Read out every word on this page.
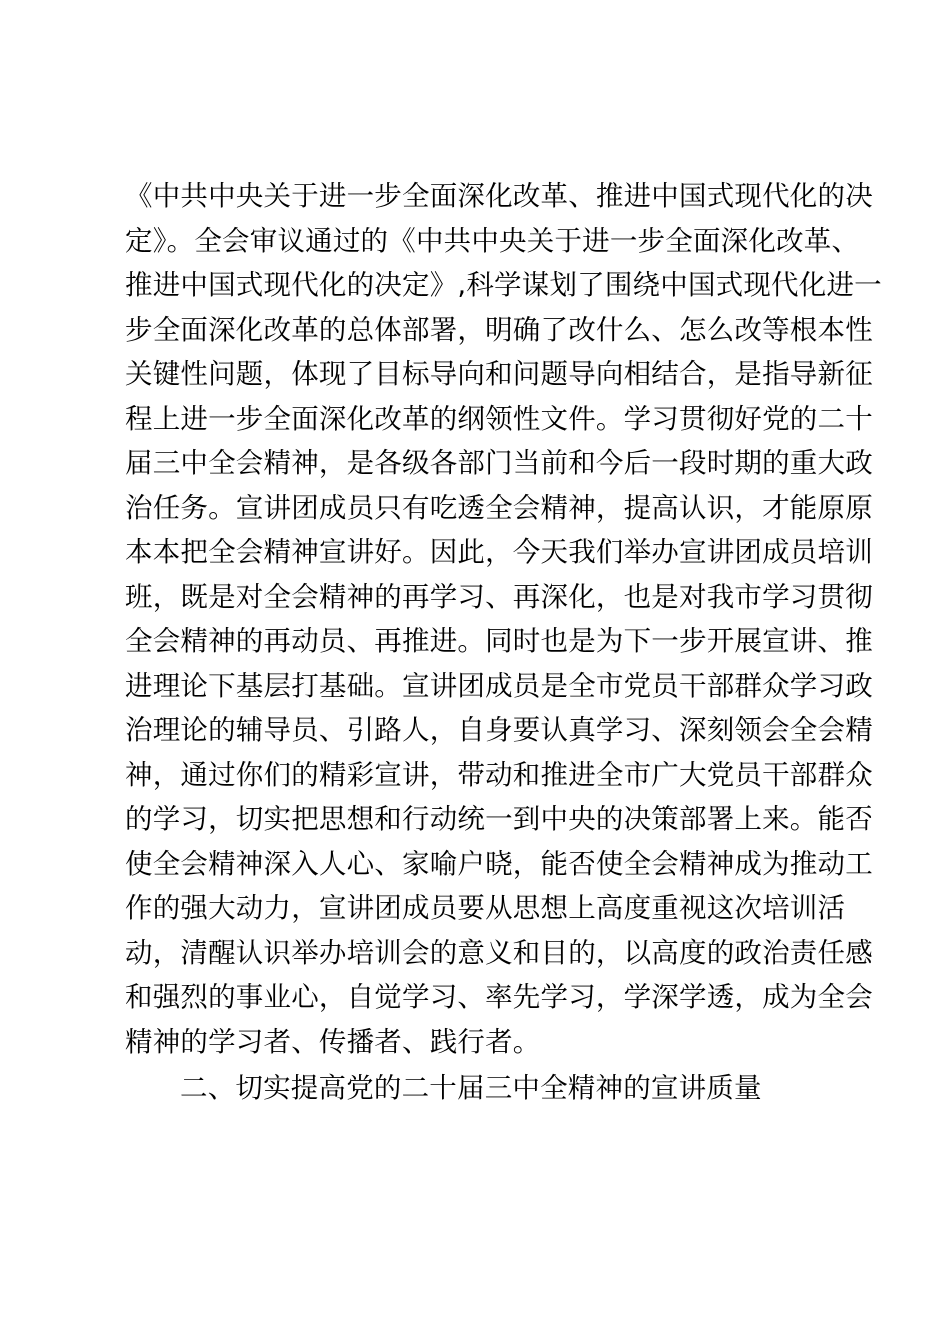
《中共中央关于进一步全面深化改革、推进中国式现代化的决
定》。全会审议通过的《中共中央关于进一步全面深化改革、
推进中国式现代化的决定》,科学谋划了围绕中国式现代化进一
步全面深化改革的总体部署，明确了改什么、怎么改等根本性
关键性问题，体现了目标导向和问题导向相结合，是指导新征
程上进一步全面深化改革的纲领性文件。学习贯彻好党的二十
届三中全会精神，是各级各部门当前和今后一段时期的重大政
治任务。宣讲团成员只有吃透全会精神，提高认识，才能原原
本本把全会精神宣讲好。因此，今天我们举办宣讲团成员培训
班，既是对全会精神的再学习、再深化，也是对我市学习贯彻
全会精神的再动员、再推进。同时也是为下一步开展宣讲、推
进理论下基层打基础。宣讲团成员是全市党员干部群众学习政
治理论的辅导员、引路人，自身要认真学习、深刻领会全会精
神，通过你们的精彩宣讲，带动和推进全市广大党员干部群众
的学习，切实把思想和行动统一到中央的决策部署上来。能否
使全会精神深入人心、家喻户晓，能否使全会精神成为推动工
作的强大动力，宣讲团成员要从思想上高度重视这次培训活
动，清醒认识举办培训会的意义和目的，以高度的政治责任感
和强烈的事业心，自觉学习、率先学习，学深学透，成为全会
精神的学习者、传播者、践行者。
二、切实提高党的二十届三中全精神的宣讲质量
